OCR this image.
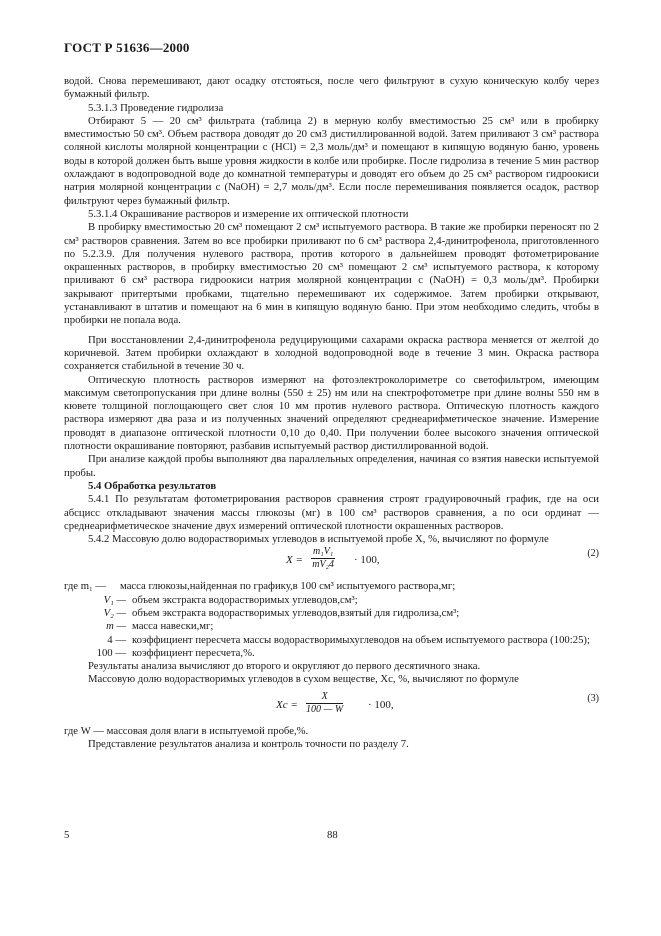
ГОСТ Р 51636—2000

водой. Снова перемешивают, дают осадку отстояться, после чего фильтруют в сухую коническую колбу через бумажный фильтр.

5.3.1.3 Проведение гидролиза

Отбирают 5 — 20 см³ фильтрата (таблица 2) в мерную колбу вместимостью 25 см³ или в пробирку вместимостью 50 см³. Объем раствора доводят до 20 см3 дистиллированной водой. Затем приливают 3 см³ раствора соляной кислоты молярной концентрации c (HCl) = 2,3 моль/дм³ и помещают в кипящую водяную баню, уровень воды в которой должен быть выше уровня жидкости в колбе или пробирке. После гидролиза в течение 5 мин раствор охлаждают в водопроводной воде до комнатной температуры и доводят его объем до 25 см³ раствором гидроокиси натрия молярной концентрации c (NaOH) = 2,7 моль/дм³. Если после перемешивания появляется осадок, раствор фильтруют через бумажный фильтр.

5.3.1.4 Окрашивание растворов и измерение их оптической плотности

В пробирку вместимостью 20 см³ помещают 2 см³ испытуемого раствора. В такие же пробирки переносят по 2 см³ растворов сравнения. Затем во все пробирки приливают по 6 см³ раствора 2,4-динитрофенола, приготовленного по 5.2.3.9. Для получения нулевого раствора, против которого в дальнейшем проводят фотометрирование окрашенных растворов, в пробирку вместимостью 20 см³ помещают 2 см³ испытуемого раствора, к которому приливают 6 см³ раствора гидроокиси натрия молярной концентрации c (NaOH) = 0,3 моль/дм³. Пробирки закрывают притертыми пробками, тщательно перемешивают их содержимое. Затем пробирки открывают, устанавливают в штатив и помещают на 6 мин в кипящую водяную баню. При этом необходимо следить, чтобы в пробирки не попала вода.

При восстановлении 2,4-динитрофенола редуцирующими сахарами окраска раствора меняется от желтой до коричневой. Затем пробирки охлаждают в холодной водопроводной воде в течение 3 мин. Окраска раствора сохраняется стабильной в течение 30 ч.

Оптическую плотность растворов измеряют на фотоэлектроколориметре со светофильтром, имеющим максимум светопропускания при длине волны (550 ± 25) нм или на спектрофотометре при длине волны 550 нм в кювете толщиной поглощающего свет слоя 10 мм против нулевого раствора. Оптическую плотность каждого раствора измеряют два раза и из полученных значений определяют среднеарифметическое значение. Измерение проводят в диапазоне оптической плотности 0,10 до 0,40. При получении более высокого значения оптической плотности окрашивание повторяют, разбавив испытуемый раствор дистиллированной водой.

При анализе каждой пробы выполняют два параллельных определения, начиная со взятия навески испытуемой пробы.

5.4 Обработка результатов

5.4.1 По результатам фотометрирования растворов сравнения строят градуировочный график, где на оси абсцисс откладывают значения массы глюкозы (мг) в 100 см³ растворов сравнения, а по оси ординат — среднеарифметическое значение двух измерений оптической плотности окрашенных растворов.

5.4.2 Массовую долю водорастворимых углеводов в испытуемой пробе X, %, вычисляют по формуле

$X = \frac{\text{m₁V₁}}{\text{mV₂4}} \cdot 100$,
(2)
где m₁ —	масса глюкозы,найденная по графику,в 100 см³ испытуемого раствора,мг;
V₁ — объем экстракта водорастворимых углеводов,см³;
V₂ — объем экстракта водорастворимых углеводов,взятый для гидролиза,см³;
m — масса навески,мг;
4 — коэффициент пересчета массы водорастворимыхуглеводов на объем испытуемого раствора (100:25);
100 — коэффициент пересчета,%.

Результаты анализа вычисляют до второго и округляют до первого десятичного знака.

Массовую долю водорастворимых углеводов в сухом веществе, Xc, %, вычисляют по формуле

$Xc = \frac{X}{100 — W} \cdot 100$,
(3)

где W — массовая доля влаги в испытуемой пробе,%.

Представление результатов анализа и контроль точности по разделу 7.

5	88
